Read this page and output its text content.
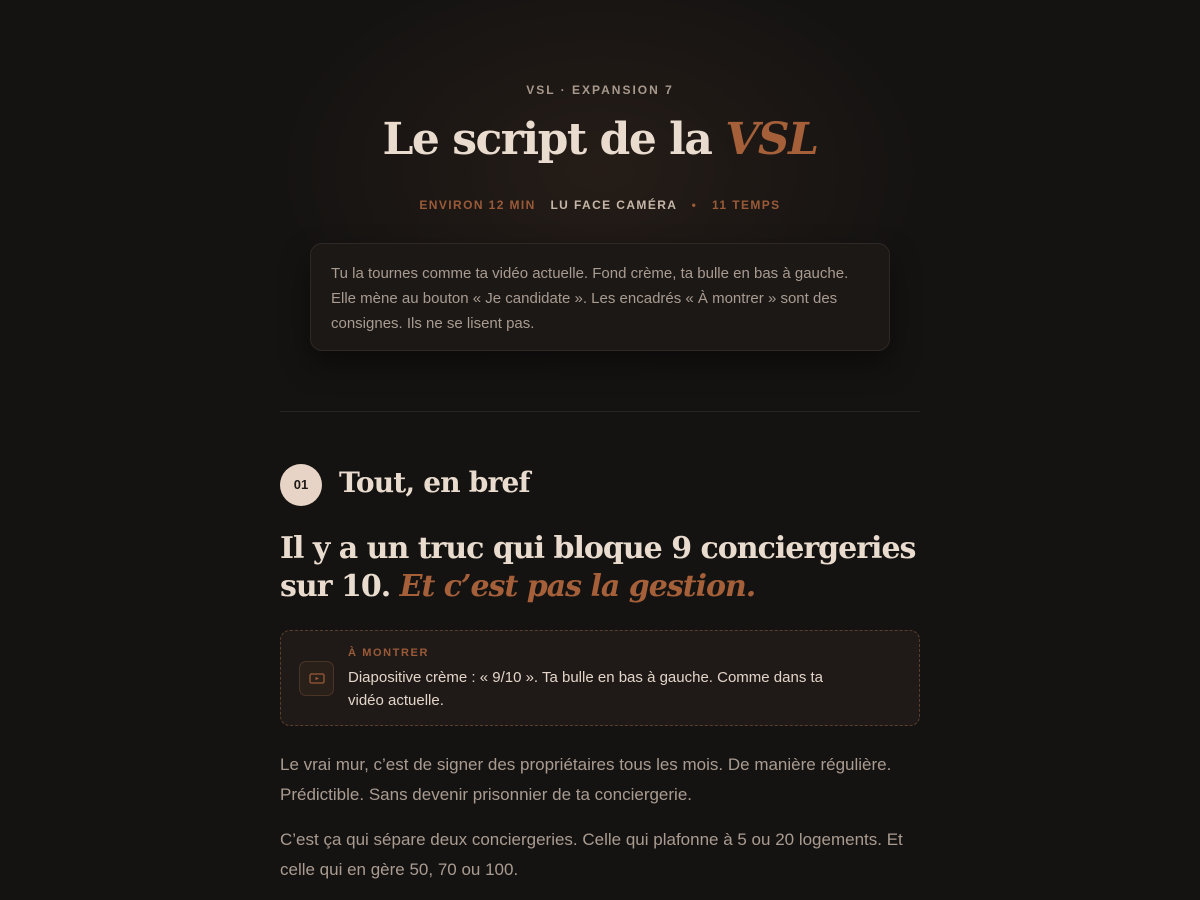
VSL · EXPANSION 7
Le script de la VSL
ENVIRON 12 MIN LU FACE CAMÉRA • 11 TEMPS
Tu la tournes comme ta vidéo actuelle. Fond crème, ta bulle en bas à gauche. Elle mène au bouton « Je candidate ». Les encadrés « À montrer » sont des consignes. Ils ne se lisent pas.
01	Tout, en bref
Il y a un truc qui bloque 9 conciergeries sur 10. Et c’est pas la gestion.
À MONTRER
Diapositive crème : « 9/10 ». Ta bulle en bas à gauche. Comme dans ta vidéo actuelle.

Le vrai mur, c’est de signer des propriétaires tous les mois. De manière régulière. Prédictible. Sans devenir prisonnier de ta conciergerie.

C’est ça qui sépare deux conciergeries. Celle qui plafonne à 5 ou 20 logements. Et celle qui en gère 50, 70 ou 100.
